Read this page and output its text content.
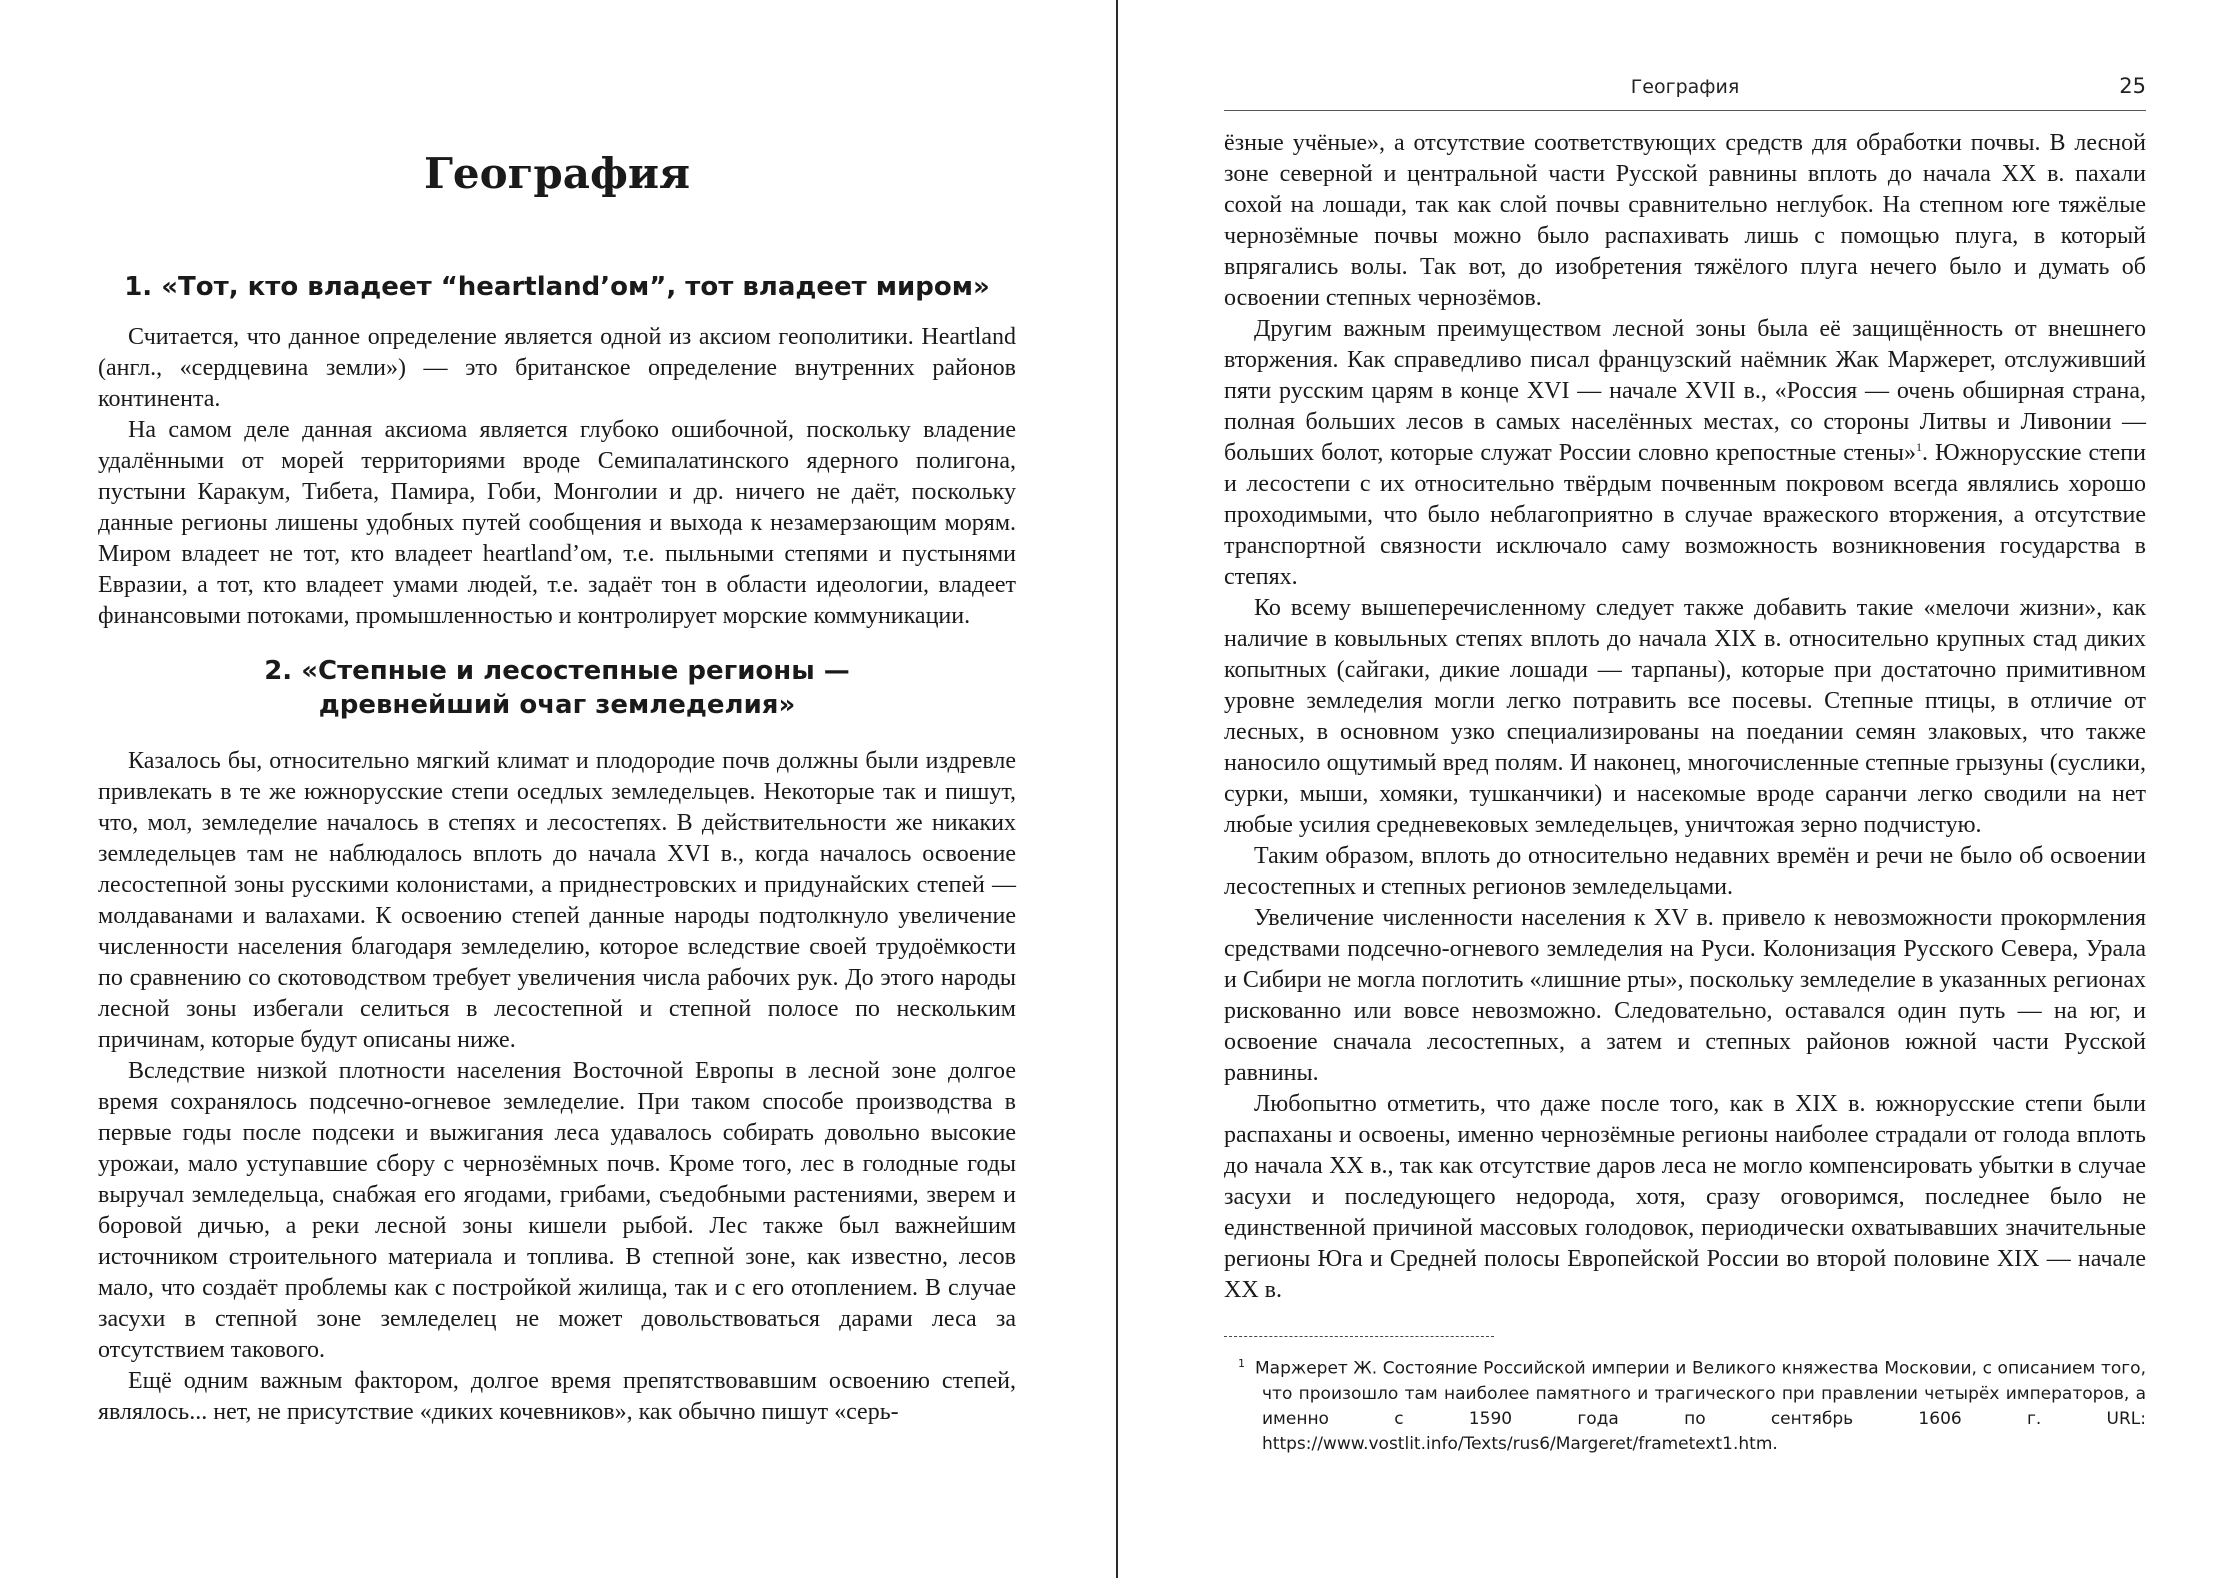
География
1. «Тот, кто владеет “heartland’ом”, тот владеет миром»

Считается, что данное определение является одной из аксиом геополитики. Heartland (англ., «сердцевина земли») — это британское определение внутренних районов континента.

На самом деле данная аксиома является глубоко ошибочной, поскольку владение удалёнными от морей территориями вроде Семипалатинского ядерного полигона, пустыни Каракум, Тибета, Памира, Гоби, Монголии и др. ничего не даёт, поскольку данные регионы лишены удобных путей сообщения и выхода к незамерзающим морям. Миром владеет не тот, кто владеет heartland’ом, т.е. пыльными степями и пустынями Евразии, а тот, кто владеет умами людей, т.е. задаёт тон в области идеологии, владеет финансовыми потоками, промышленностью и контролирует морские коммуникации.

2. «Степные и лесостепные регионы —
древнейший очаг земледелия»

Казалось бы, относительно мягкий климат и плодородие почв должны были издревле привлекать в те же южнорусские степи оседлых земледельцев. Некоторые так и пишут, что, мол, земледелие началось в степях и лесостепях. В действительности же никаких земледельцев там не наблюдалось вплоть до начала XVI в., когда началось освоение лесостепной зоны русскими колонистами, а приднестровских и придунайских степей — молдаванами и валахами. К освоению степей данные народы подтолкнуло увеличение численности населения благодаря земледелию, которое вследствие своей трудоёмкости по сравнению со скотоводством требует увеличения числа рабочих рук. До этого народы лесной зоны избегали селиться в лесостепной и степной полосе по нескольким причинам, которые будут описаны ниже.

Вследствие низкой плотности населения Восточной Европы в лесной зоне долгое время сохранялось подсечно-огневое земледелие. При таком способе производства в первые годы после подсеки и выжигания леса удавалось собирать довольно высокие урожаи, мало уступавшие сбору с чернозёмных почв. Кроме того, лес в голодные годы выручал земледельца, снабжая его ягодами, грибами, съедобными растениями, зверем и боровой дичью, а реки лесной зоны кишели рыбой. Лес также был важнейшим источником строительного материала и топлива. В степной зоне, как известно, лесов мало, что создаёт проблемы как с постройкой жилища, так и с его отоплением. В случае засухи в степной зоне земледелец не может довольствоваться дарами леса за отсутствием такового.

Ещё одним важным фактором, долгое время препятствовавшим освоению степей, являлось... нет, не присутствие «диких кочевников», как обычно пишут «серь-

География	25

ёзные учёные», а отсутствие соответствующих средств для обработки почвы. В лесной зоне северной и центральной части Русской равнины вплоть до начала XX в. пахали сохой на лошади, так как слой почвы сравнительно неглубок. На степном юге тяжёлые чернозёмные почвы можно было распахивать лишь с помощью плуга, в который впрягались волы. Так вот, до изобретения тяжёлого плуга нечего было и думать об освоении степных чернозёмов.

Другим важным преимуществом лесной зоны была её защищённость от внешнего вторжения. Как справедливо писал французский наёмник Жак Маржерет, отслуживший пяти русским царям в конце XVI — начале XVII в., «Россия — очень обширная страна, полная больших лесов в самых населённых местах, со стороны Литвы и Ливонии — больших болот, которые служат России словно крепостные стены»$^1$. Южнорусские степи и лесостепи с их относительно твёрдым почвенным покровом всегда являлись хорошо проходимыми, что было неблагоприятно в случае вражеского вторжения, а отсутствие транспортной связности исключало саму возможность возникновения государства в степях.

Ко всему вышеперечисленному следует также добавить такие «мелочи жизни», как наличие в ковыльных степях вплоть до начала XIX в. относительно крупных стад диких копытных (сайгаки, дикие лошади — тарпаны), которые при достаточно примитивном уровне земледелия могли легко потравить все посевы. Степные птицы, в отличие от лесных, в основном узко специализированы на поедании семян злаковых, что также наносило ощутимый вред полям. И наконец, многочисленные степные грызуны (суслики, сурки, мыши, хомяки, тушканчики) и насекомые вроде саранчи легко сводили на нет любые усилия средневековых земледельцев, уничтожая зерно подчистую.

Таким образом, вплоть до относительно недавних времён и речи не было об освоении лесостепных и степных регионов земледельцами.

Увеличение численности населения к XV в. привело к невозможности прокормления средствами подсечно-огневого земледелия на Руси. Колонизация Русского Севера, Урала и Сибири не могла поглотить «лишние рты», поскольку земледелие в указанных регионах рискованно или вовсе невозможно. Следовательно, оставался один путь — на юг, и освоение сначала лесостепных, а затем и степных районов южной части Русской равнины.

Любопытно отметить, что даже после того, как в XIX в. южнорусские степи были распаханы и освоены, именно чернозёмные регионы наиболее страдали от голода вплоть до начала XX в., так как отсутствие даров леса не могло компенсировать убытки в случае засухи и последующего недорода, хотя, сразу оговоримся, последнее было не единственной причиной массовых голодовок, периодически охватывавших значительные регионы Юга и Средней полосы Европейской России во второй половине XIX — начале XX в.

$^1$ Маржерет Ж. Состояние Российской империи и Великого княжества Московии, с описанием того, что произошло там наиболее памятного и трагического при правлении четырёх императоров, а именно с 1590 года по сентябрь 1606 г. URL: https://www.vostlit.info/Texts/rus6/Margeret/frametext1.htm.
